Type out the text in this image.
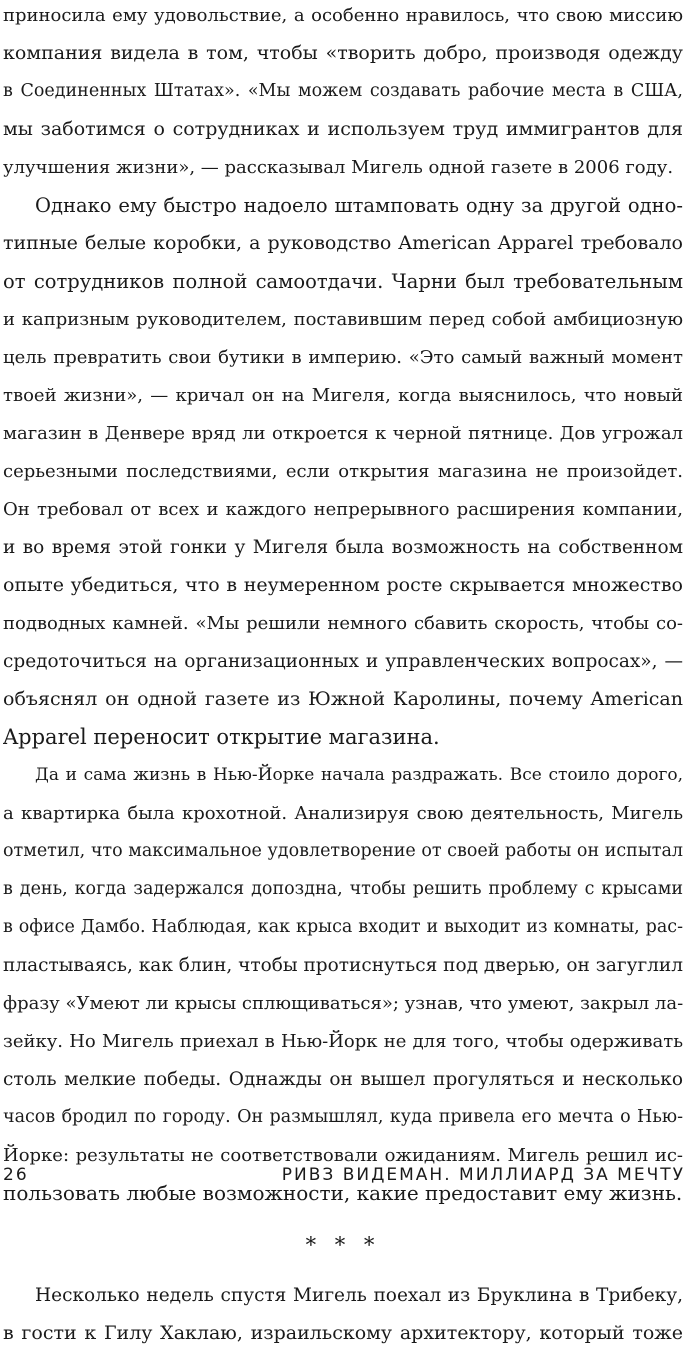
приносила ему удовольствие, а особенно нравилось, что свою миссию
компания видела в том, чтобы «творить добро, производя одежду
в Соединенных Штатах». «Мы можем создавать рабочие места в США,
мы заботимся о сотрудниках и используем труд иммигрантов для
улучшения жизни», — рассказывал Мигель одной газете в 2006 году.
Однако ему быстро надоело штамповать одну за другой одно-
типные белые коробки, а руководство American Apparel требовало
от сотрудников полной самоотдачи. Чарни был требовательным
и капризным руководителем, поставившим перед собой амбициозную
цель превратить свои бутики в империю. «Это самый важный момент
твоей жизни», — кричал он на Мигеля, когда выяснилось, что новый
магазин в Денвере вряд ли откроется к черной пятнице. Дов угрожал
серьезными последствиями, если открытия магазина не произойдет.
Он требовал от всех и каждого непрерывного расширения компании,
и во время этой гонки у Мигеля была возможность на собственном
опыте убедиться, что в неумеренном росте скрывается множество
подводных камней. «Мы решили немного сбавить скорость, чтобы со-
средоточиться на организационных и управленческих вопросах», —
объяснял он одной газете из Южной Каролины, почему American
Apparel переносит открытие магазина.
Да и сама жизнь в Нью-Йорке начала раздражать. Все стоило дорого,
а квартирка была крохотной. Анализируя свою деятельность, Мигель
отметил, что максимальное удовлетворение от своей работы он испытал
в день, когда задержался допоздна, чтобы решить проблему с крысами
в офисе Дамбо. Наблюдая, как крыса входит и выходит из комнаты, рас-
пластываясь, как блин, чтобы протиснуться под дверью, он загуглил
фразу «Умеют ли крысы сплющиваться»; узнав, что умеют, закрыл ла-
зейку. Но Мигель приехал в Нью-Йорк не для того, чтобы одерживать
столь мелкие победы. Однажды он вышел прогуляться и несколько
часов бродил по городу. Он размышлял, куда привела его мечта о Нью-
Йорке: результаты не соответствовали ожиданиям. Мигель решил ис-
пользовать любые возможности, какие предоставит ему жизнь.
* * *
Несколько недель спустя Мигель поехал из Бруклина в Трибеку,
в гости к Гилу Хаклаю, израильскому архитектору, который тоже
26	РИВЗ ВИДЕМАН. МИЛЛИАРД ЗА МЕЧТУ
